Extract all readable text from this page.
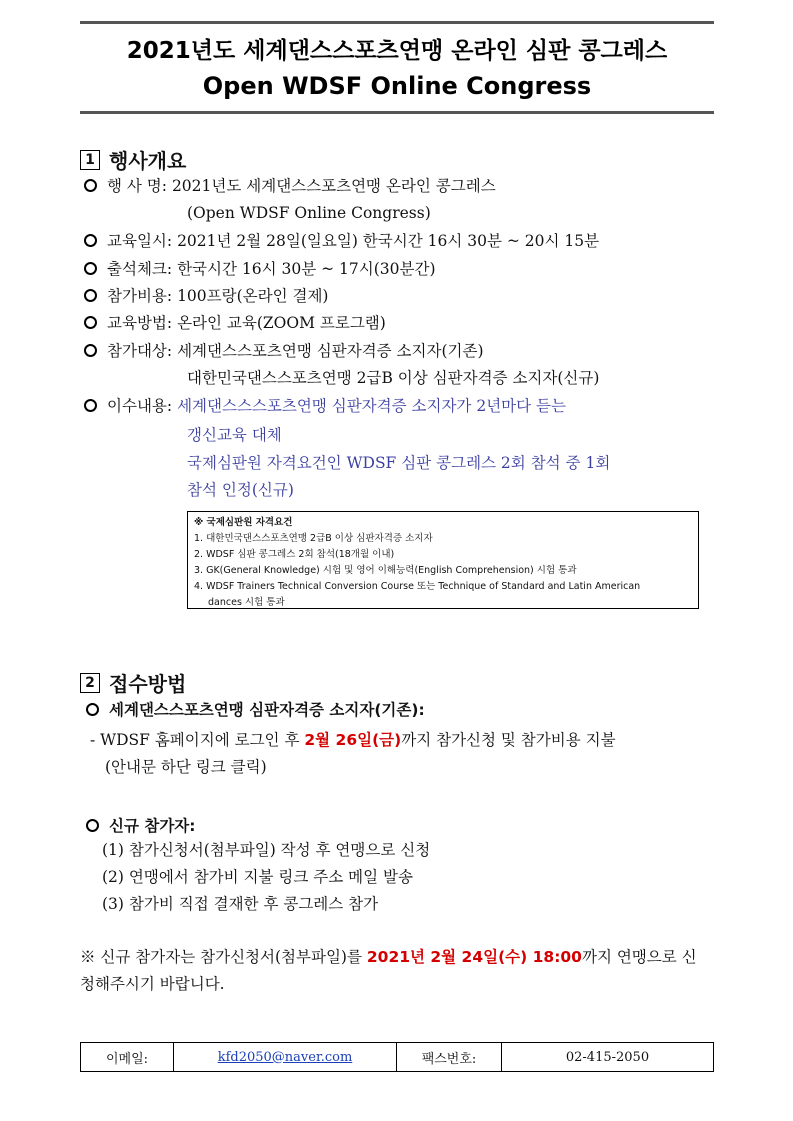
2021년도 세계댄스스포츠연맹 온라인 심판 콩그레스
Open WDSF Online Congress
1 행사개요
행 사 명: 2021년도 세계댄스스포츠연맹 온라인 콩그레스
(Open WDSF Online Congress)
교육일시: 2021년 2월 28일(일요일) 한국시간 16시 30분 ~ 20시 15분
출석체크: 한국시간 16시 30분 ~ 17시(30분간)
참가비용: 100프랑(온라인 결제)
교육방법: 온라인 교육(ZOOM 프로그램)
참가대상: 세계댄스스포츠연맹 심판자격증 소지자(기존)
대한민국댄스스포츠연맹 2급B 이상 심판자격증 소지자(신규)
이수내용: 세계댄스스스포츠연맹 심판자격증 소지자가 2년마다 듣는
갱신교육 대체
국제심판원 자격요건인 WDSF 심판 콩그레스 2회 참석 중 1회
참석 인정(신규)
※ 국제심판원 자격요건
1. 대한민국댄스스포츠연맹 2급B 이상 심판자격증 소지자
2. WDSF 심판 콩그레스 2회 참석(18개월 이내)
3. GK(General Knowledge) 시험 및 영어 이해능력(English Comprehension) 시험 통과
4. WDSF Trainers Technical Conversion Course 또는 Technique of Standard and Latin American
dances 시험 통과
2 접수방법
세계댄스스포츠연맹 심판자격증 소지자(기존):
- WDSF 홈페이지에 로그인 후 2월 26일(금)까지 참가신청 및 참가비용 지불
(안내문 하단 링크 클릭)
신규 참가자:
(1) 참가신청서(첨부파일) 작성 후 연맹으로 신청
(2) 연맹에서 참가비 지불 링크 주소 메일 발송
(3) 참가비 직접 결재한 후 콩그레스 참가
※ 신규 참가자는 참가신청서(첨부파일)를 2021년 2월 24일(수) 18:00까지 연맹으로 신
청해주시기 바랍니다.
이메일:	kfd2050@naver.com	팩스번호:	02-415-2050
